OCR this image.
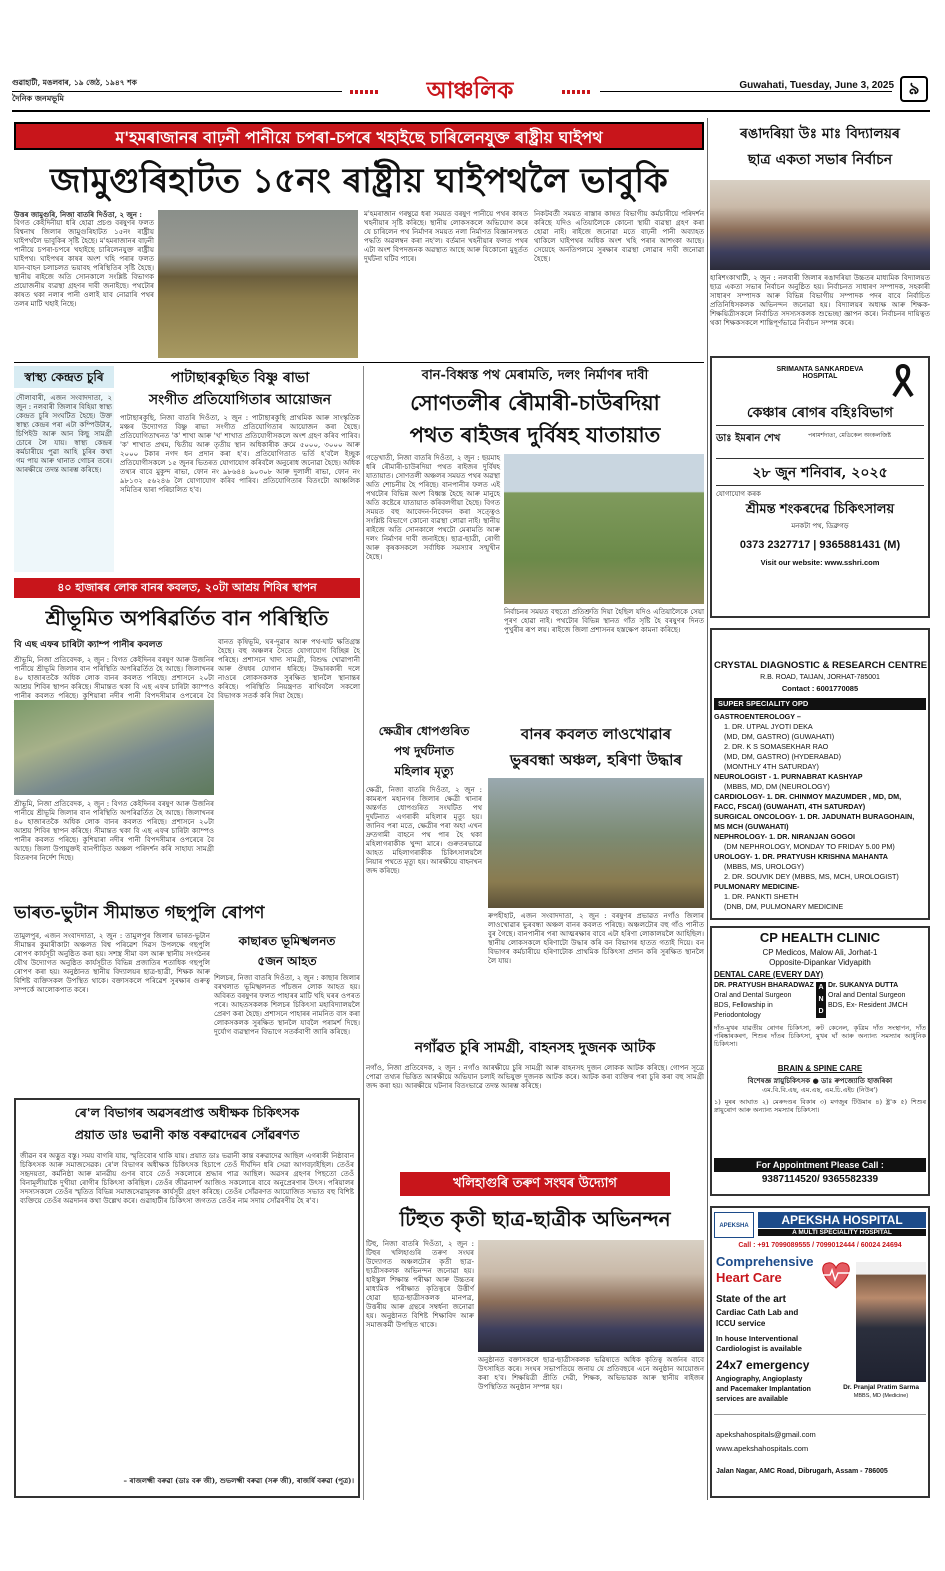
গুৱাহাটী, মঙলবাৰ, ১৯ জেঠ, ১৯৪৭ শক
দৈনিক জনমভূমি	আঞ্চলিক	Guwahati, Tuesday, June 3, 2025 ৯
ম'হমৰাজানৰ বাঢ়নী পানীয়ে চপৰা-চপৰে খহাইছে চাৰিলেনযুক্ত ৰাষ্ট্ৰীয় ঘাইপথ
জামুগুৰিহাটত ১৫নং ৰাষ্ট্ৰীয় ঘাইপথলৈ ভাবুকি
উত্তৰ জামুগুৰি, নিজা বাতৰি দিওঁতা, ২ জুন :
বিগত কেইদিনীয়া ধৰি হোৱা প্ৰচণ্ড বৰষুণৰ ফলত বিশ্বনাথ জিলাৰ জামুগুৰিহাটত ১৫নং ৰাষ্ট্ৰীয় ঘাইপথলৈ ভাবুকিৰ সৃষ্টি হৈছে। ম'হমৰাজানৰ বাঢ়নী পানীয়ে চপৰা-চপৰে খহাইছে চাৰিলেনযুক্ত ৰাষ্ট্ৰীয় ঘাইপথ। ঘাইপথৰ কাষৰ অংশ খহি পৰাৰ ফলত যান-বাহন চলাচলত ভয়াবহ পৰিস্থিতিৰ সৃষ্টি হৈছে। স্থানীয় ৰাইজে অতি সোনকালে সংশ্লিষ্ট বিভাগক প্ৰয়োজনীয় ব্যৱস্থা গ্ৰহণৰ দাবী জনাইছে। পথটোৰ কাষত থকা নলাৰ পানী ওলাই যাব নোৱাৰি পথৰ তলৰ মাটি খহাই নিছে।
ম'হমৰাজান গৰম্বুৱে ধৰা সময়ত বৰষুণ পানীয়ে পথৰ কাষত খহনীয়াৰ সৃষ্টি কৰিছে। স্থানীয় লোকসকলে অভিযোগ কৰে যে চাৰিলেন পথ নিৰ্মাণৰ সময়ত নলা নিৰ্মাণত বিজ্ঞানসন্মত পদ্ধতি অৱলম্বন কৰা নহ'ল। বৰ্তমান খহনীয়াৰ ফলত পথৰ এটা অংশ বিপদজনক অৱস্থাত আছে আৰু যিকোনো মুহূৰ্তত দুৰ্ঘটনা ঘটিব পাৰে।
নিকটবৰ্তী সময়ত ৰাস্তাৰ কাষত বিভাগীয় কৰ্মচাৰীয়ে পৰিদৰ্শন কৰিছে যদিও এতিয়ালৈকে কোনো স্থায়ী ব্যৱস্থা গ্ৰহণ কৰা হোৱা নাই। ৰাইজে জনোৱা মতে বাঢ়নী পানী অব্যাহত থাকিলে ঘাইপথৰ অধিক অংশ খহি পৰাৰ আশংকা আছে। সেয়েহে অনতিপলমে সুৰক্ষাৰ ব্যৱস্থা লোৱাৰ দাবী জনোৱা হৈছে।
স্বাস্থ্য কেন্দ্ৰত চুৰি
দৌলাবাৰী, এজন সংবাদদাতা, ২ জুন : নলবাৰী জিলাৰ বিহিয়া স্বাস্থ্য কেন্দ্ৰত চুৰি সংঘটিত হৈছে। উক্ত স্বাস্থ্য কেন্দ্ৰৰ পৰা এটা কম্পিউটাৰ, চিপিইউ আৰু আন কিছু সামগ্ৰী চোৰে লৈ যায়। স্বাস্থ্য কেন্দ্ৰৰ কৰ্মচাৰীয়ে পুৱা আহি চুৰিৰ কথা গম পায় আৰু থানাত গোচৰ তৰে। আৰক্ষীয়ে তদন্ত আৰম্ভ কৰিছে।
পাটাছাৰকুছিত বিষ্ণু ৰাভা
সংগীত প্ৰতিযোগিতাৰ আয়োজন
পাটাছাৰকুছি, নিজা বাতৰি দিওঁতা, ২ জুন : পাটাছাৰকুছি প্ৰাথমিক আৰু সাংস্কৃতিক মঞ্চৰ উদ্যোগত বিষ্ণু ৰাভা সংগীত প্ৰতিযোগিতাৰ আয়োজন কৰা হৈছে। প্ৰতিযোগিতাখনত 'ক' শাখা আৰু 'খ' শাখাত প্ৰতিযোগীসকলে অংশ গ্ৰহণ কৰিব পাৰিব। 'ক' শাখাত প্ৰথম, দ্বিতীয় আৰু তৃতীয় স্থান অধিকাৰীক ক্ৰমে ৫০০০, ৩০০০ আৰু ২০০০ টকাৰ নগদ ধন প্ৰদান কৰা হ'ব। প্ৰতিযোগিতাত ভৰ্তি হ'বলৈ ইচ্ছুক প্ৰতিযোগীসকলে ১৫ জুনৰ ভিতৰত যোগাযোগ কৰিবলৈ অনুৰোধ জনোৱা হৈছে। অধিক তথ্যৰ বাবে মুকুন্দ ৰাভা, ফোন নং ৯৮৬৪৪ ৯০৩০৮ আৰু দুলালী ৰাভা, ফোন নং ৯৮১৩২ ৫৬২৪৬ লৈ যোগাযোগ কৰিব পাৰিব। প্ৰতিযোগিতাৰ বিতংটো আঞ্চলিক সমিতিৰ দ্বাৰা পৰিচালিত হ'ব।
বান-বিধ্বস্ত পথ মেৰামতি, দলং নিৰ্মাণৰ দাবী
সোণতলীৰ ৰৌমাৰী-চাউৰদিয়া
পথত ৰাইজৰ দুৰ্বিষহ যাতায়াত
গড়েখাতী, নিজা বাতৰি দিওঁতা, ২ জুন : ছয়মাহ ধৰি ৰৌমাৰী-চাউৰদিয়া পথত ৰাইজৰ দুৰ্বিষহ যাতায়াত। সোণতলী অঞ্চলৰ সময়ত পথৰ অৱস্থা অতি শোচনীয় হৈ পৰিছে। বানপানীৰ ফলত এই পথটোৰ বিভিন্ন অংশ বিধ্বস্ত হৈছে আৰু মানুহে অতি কষ্টেৰে যাতায়াত কৰিবলগীয়া হৈছে। বিগত সময়ত বহু আবেদন-নিবেদন কৰা সত্ত্বেও সংশ্লিষ্ট বিভাগে কোনো ব্যৱস্থা লোৱা নাই। স্থানীয় ৰাইজে অতি সোনকালে পথটো মেৰামতি আৰু দলং নিৰ্মাণৰ দাবী জনাইছে। ছাত্ৰ-ছাত্ৰী, ৰোগী আৰু কৃষকসকলে সৰ্বাধিক সমস্যাৰ সন্মুখীন হৈছে।
নিৰ্বাচনৰ সময়ত বহুতো প্ৰতিশ্ৰুতি দিয়া হৈছিল যদিও এতিয়ালৈকে সেয়া পূৰণ হোৱা নাই। পথটোৰ বিভিন্ন স্থানত গাঁত সৃষ্টি হৈ বৰষুণৰ দিনত পুখুৰীৰ ৰূপ লয়। ৰাইজে জিলা প্ৰশাসনৰ হস্তক্ষেপ কামনা কৰিছে।
৪০ হাজাৰৰ লোক বানৰ কবলত, ২০টা আশ্ৰয় শিবিৰ স্থাপন
শ্ৰীভূমিত অপৰিৱৰ্তিত বান পৰিস্থিতি
বি এছ এফৰ চাৰিটা ক্যাম্প পানীৰ কবলত
শ্ৰীভূমি, নিজা প্ৰতিবেদক, ২ জুন : বিগত কেইদিনৰ বৰষুণ আৰু উজনিৰ পানীয়ে শ্ৰীভূমি জিলাৰ বান পৰিস্থিতি অপৰিৱৰ্তিত হৈ আছে। জিলাখনৰ ৪০ হাজাৰতকৈ অধিক লোক বানৰ কবলত পৰিছে। প্ৰশাসনে ২০টা আশ্ৰয় শিবিৰ স্থাপন কৰিছে। সীমান্তত থকা বি এছ এফৰ চাৰিটা ক্যাম্পও পানীৰ কবলত পৰিছে। কুশিয়াৰা নদীৰ পানী বিপদসীমাৰ ওপৰেৰে বৈ
বানত কৃষিভূমি, ঘৰ-দুৱাৰ আৰু পথ-ঘাট ক্ষতিগ্ৰস্ত হৈছে। বহু অঞ্চলৰ সৈতে যোগাযোগ বিচ্ছিন্ন হৈ পৰিছে। প্ৰশাসনে খাদ্য সামগ্ৰী, বিশুদ্ধ খোৱাপানী আৰু ঔষধৰ যোগান ধৰিছে। উদ্ধাৰকাৰী দলে নাওৰে লোকসকলক সুৰক্ষিত স্থানলৈ স্থানান্তৰ কৰিছে। পৰিস্থিতি নিয়ন্ত্ৰণত ৰাখিবলৈ সকলো বিভাগক সতৰ্ক কৰি দিয়া হৈছে।
শ্ৰীভূমি, নিজা প্ৰতিবেদক, ২ জুন : বিগত কেইদিনৰ বৰষুণ আৰু উজনিৰ পানীয়ে শ্ৰীভূমি জিলাৰ বান পৰিস্থিতি অপৰিৱৰ্তিত হৈ আছে। জিলাখনৰ ৪০ হাজাৰতকৈ অধিক লোক বানৰ কবলত পৰিছে। প্ৰশাসনে ২০টা আশ্ৰয় শিবিৰ স্থাপন কৰিছে। সীমান্তত থকা বি এছ এফৰ চাৰিটা ক্যাম্পও পানীৰ কবলত পৰিছে। কুশিয়াৰা নদীৰ পানী বিপদসীমাৰ ওপৰেৰে বৈ আছে। জিলা উপায়ুক্তই বানপীড়িত অঞ্চল পৰিদৰ্শন কৰি সাহায্য সামগ্ৰী বিতৰণৰ নিৰ্দেশ দিছে।
ক্ষেত্ৰীৰ ধোপগুৰিত
পথ দুৰ্ঘটনাত
মহিলাৰ মৃত্যু
ক্ষেত্ৰী, নিজা বাতৰি দিওঁতা, ২ জুন : কামৰূপ মহানগৰ জিলাৰ ক্ষেত্ৰী থানাৰ অন্তৰ্গত ধোপগুৰিত সংঘটিত পথ দুৰ্ঘটনাত এগৰাকী মহিলাৰ মৃত্যু হয়। জানিব পৰা মতে, ক্ষেত্ৰীৰ পৰা অহা এখন দ্ৰুতগামী বাহনে পথ পাৰ হৈ থকা মহিলাগৰাকীক খুন্দা মাৰে। গুৰুতৰভাৱে আহত মহিলাগৰাকীক চিকিৎসালয়লৈ নিয়াৰ পথতে মৃত্যু হয়। আৰক্ষীয়ে বাহনখন জব্দ কৰিছে।
বানৰ কবলত লাওখোৱাৰ
ভুৰবন্ধা অঞ্চল, হৰিণা উদ্ধাৰ
ৰুপহীহাট, এজন সংবাদদাতা, ২ জুন : বৰষুণৰ প্ৰভাৱত নগাঁও জিলাৰ লাওখোৱাৰ ভুৰবন্ধা অঞ্চল বানৰ কবলত পৰিছে। অঞ্চলটোৰ বহু গাঁও পানীত বুৰ গৈছে। বানপানীৰ পৰা আত্মৰক্ষাৰ বাবে এটা হৰিণা লোকালয়লৈ আহিছিল। স্থানীয় লোকসকলে হৰিণাটো উদ্ধাৰ কৰি বন বিভাগৰ হাতত গতাই দিয়ে। বন বিভাগৰ কৰ্মচাৰীয়ে হৰিণাটোক প্ৰাথমিক চিকিৎসা প্ৰদান কৰি সুৰক্ষিত স্থানলৈ লৈ যায়।
ভাৰত-ভুটান সীমান্তত গছপুলি ৰোপণ
তামুলপুৰ, এজন সংবাদদাতা, ২ জুন : তামুলপুৰ জিলাৰ ভাৰত-ভুটান সীমান্তৰ কুমাৰীকাটা অঞ্চলত বিশ্ব পৰিৱেশ দিৱস উপলক্ষে গছপুলি ৰোপণ কাৰ্যসূচী অনুষ্ঠিত কৰা হয়। সশস্ত্ৰ সীমা বল আৰু স্থানীয় সংগঠনৰ যৌথ উদ্যোগত অনুষ্ঠিত কাৰ্যসূচীত বিভিন্ন প্ৰজাতিৰ শতাধিক গছপুলি ৰোপণ কৰা হয়। অনুষ্ঠানত স্থানীয় বিদ্যালয়ৰ ছাত্ৰ-ছাত্ৰী, শিক্ষক আৰু বিশিষ্ট ব্যক্তিসকল উপস্থিত থাকে। বক্তাসকলে পৰিৱেশ সুৰক্ষাৰ গুৰুত্ব সম্পৰ্কে আলোকপাত কৰে।
কাছাৰত ভূমিস্খলনত
৫জন আহত
শিলচৰ, নিজা বাতৰি দিওঁতা, ২ জুন : কাছাৰ জিলাৰ বৰখলাত ভূমিস্খলনত পাঁচজন লোক আহত হয়। অবিৰত বৰষুণৰ ফলত পাহাৰৰ মাটি খহি ঘৰৰ ওপৰত পৰে। আহতসকলক শিলচৰ চিকিৎসা মহাবিদ্যালয়লৈ প্ৰেৰণ কৰা হৈছে। প্ৰশাসনে পাহাৰৰ নামনিত বাস কৰা লোকসকলক সুৰক্ষিত স্থানলৈ যাবলৈ পৰামৰ্শ দিছে। দুৰ্যোগ ব্যৱস্থাপন বিভাগে সতৰ্কবাণী জাৰি কৰিছে।
নগাঁৱত চুৰি সামগ্ৰী, বাহনসহ দুজনক আটক
নগাঁও, নিজা প্ৰতিবেদক, ২ জুন : নগাঁও আৰক্ষীয়ে চুৰি সামগ্ৰী আৰু বাহনসহ দুজন লোকক আটক কৰিছে। গোপন সূত্ৰে পোৱা তথ্যৰ ভিত্তিত আৰক্ষীয়ে অভিযান চলাই অভিযুক্ত দুজনক আটক কৰে। আটক কৰা ব্যক্তিৰ পৰা চুৰি কৰা বহু সামগ্ৰী জব্দ কৰা হয়। আৰক্ষীয়ে ঘটনাৰ বিতংভাৱে তদন্ত আৰম্ভ কৰিছে।
ৰে'ল বিভাগৰ অৱসৰপ্ৰাপ্ত অধীক্ষক চিকিৎসক
প্ৰয়াত ডাঃ ভৱানী কান্ত বৰুৱাদেৱৰ সোঁৱৰণত
জীৱন বৰ অদ্ভুত বস্তু। সময় বাগৰি যায়, স্মৃতিবোৰ থাকি যায়। প্ৰয়াত ডাঃ ভৱানী কান্ত বৰুৱাদেৱ আছিল এগৰাকী নিষ্ঠাবান চিকিৎসক আৰু সমাজসেৱক। ৰে'ল বিভাগৰ অধীক্ষক চিকিৎসক হিচাপে তেওঁ দীৰ্ঘদিন ধৰি সেৱা আগবঢ়াইছিল। তেওঁৰ সহৃদয়তা, কৰ্মনিষ্ঠা আৰু মানৱীয় গুণৰ বাবে তেওঁ সকলোৰে শ্ৰদ্ধাৰ পাত্ৰ আছিল। অৱসৰ গ্ৰহণৰ পিছতো তেওঁ বিনামূলীয়াকৈ দুখীয়া ৰোগীৰ চিকিৎসা কৰিছিল। তেওঁৰ জীৱনাদৰ্শ আজিও সকলোৰে বাবে অনুপ্ৰেৰণাৰ উৎস। পৰিয়ালৰ সদস্যসকলে তেওঁৰ স্মৃতিত বিভিন্ন সমাজসেৱামূলক কাৰ্যসূচী গ্ৰহণ কৰিছে। তেওঁৰ সোঁৱৰণত আয়োজিত সভাত বহু বিশিষ্ট ব্যক্তিয়ে তেওঁৰ অৱদানৰ কথা উল্লেখ কৰে। গুৱাহাটীৰ চিকিৎসা জগতত তেওঁৰ নাম সদায় সোঁৱৰণীয় হৈ ৰ'ব।
– ৰাজলক্ষ্মী বৰুৱা (ডাঃ বৰু জী), শুভলক্ষ্মী বৰুৱা (সৰু জী), ৰাজৰ্ষি বৰুৱা (পুত্ৰ)।
খলিহাগুৰি তৰুণ সংঘৰ উদ্যোগ
টিহুত কৃতী ছাত্ৰ-ছাত্ৰীক অভিনন্দন
টিহু, নিজা বাতৰি দিওঁতা, ২ জুন : টিহুৰ খলিহাগুৰি তৰুণ সংঘৰ উদ্যোগত অঞ্চলটোৰ কৃতী ছাত্ৰ-ছাত্ৰীসকলক অভিনন্দন জনোৱা হয়। হাইস্কুল শিক্ষান্ত পৰীক্ষা আৰু উচ্চতৰ মাধ্যমিক পৰীক্ষাত কৃতিত্বৰে উত্তীৰ্ণ হোৱা ছাত্ৰ-ছাত্ৰীসকলক মানপত্ৰ, উত্তৰীয় আৰু গ্ৰন্থৰে সম্বৰ্ধনা জনোৱা হয়। অনুষ্ঠানত বিশিষ্ট শিক্ষাবিদ আৰু সমাজকৰ্মী উপস্থিত থাকে।
অনুষ্ঠানত বক্তাসকলে ছাত্ৰ-ছাত্ৰীসকলক ভৱিষ্যতে অধিক কৃতিত্ব অৰ্জনৰ বাবে উৎসাহিত কৰে। সংঘৰ সভাপতিয়ে জনায় যে প্ৰতিবছৰে এনে অনুষ্ঠান আয়োজন কৰা হ'ব। শিক্ষয়িত্ৰী প্ৰীতি দেৱী, শিক্ষক, অভিভাৱক আৰু স্থানীয় ৰাইজৰ উপস্থিতিত অনুষ্ঠান সম্পন্ন হয়।
ৰঙাদৰিয়া উঃ মাঃ বিদ্যালয়ৰ
ছাত্ৰ একতা সভাৰ নিৰ্বাচন
হাৰিশংকাখাটী, ২ জুন : নলবাৰী জিলাৰ ৰঙাদৰিয়া উচ্চতৰ মাধ্যমিক বিদ্যালয়ত ছাত্ৰ একতা সভাৰ নিৰ্বাচন অনুষ্ঠিত হয়। নিৰ্বাচনত সাধাৰণ সম্পাদক, সহকাৰী সাধাৰণ সম্পাদক আৰু বিভিন্ন বিভাগীয় সম্পাদক পদৰ বাবে নিৰ্বাচিত প্ৰতিনিধিসকলক অভিনন্দন জনোৱা হয়। বিদ্যালয়ৰ অধ্যক্ষ আৰু শিক্ষক-শিক্ষয়িত্ৰীসকলে নিৰ্বাচিত সদস্যসকলক শুভেচ্ছা জ্ঞাপন কৰে। নিৰ্বাচনৰ দায়িত্বত থকা শিক্ষকসকলে শান্তিপূৰ্ণভাৱে নিৰ্বাচন সম্পন্ন কৰে।
SRIMANTA SANKARDEVA HOSPITAL
কেঞ্চাৰ ৰোগৰ বহিঃবিভাগ
ডাঃ ইমৰান শেখ	পৰামৰ্শদাতা, মেডিকেল অংকলজিষ্ট
২৮ জুন শনিবাৰ, ২০২৫
যোগাযোগ কৰক
শ্ৰীমন্ত শংকৰদেৱ চিকিৎসালয়
মনকটা পথ, ডিব্ৰুগড়
0373 2327717 | 9365881431 (M)
Visit our website: www.sshri.com
CRYSTAL DIAGNOSTIC & RESEARCH CENTRE
R.B. ROAD, TAIJAN, JORHAT-785001
Contact : 6001770085
SUPER SPECIALITY OPD
GASTROENTEROLOGY –
1. DR. UTPAL JYOTI DEKA
(MD, DM, GASTRO) (GUWAHATI)
2. DR. K S SOMASEKHAR RAO
(MD, DM, GASTRO) (HYDERABAD)
(MONTHLY 4TH SATURDAY)
NEUROLOGIST - 1. PURNABRAT KASHYAP
(MBBS, MD, DM (NEUROLOGY)
CARDIOLOGY- 1. DR. CHINMOY MAZUMDER , MD, DM,
FACC, FSCAI) (GUWAHATI, 4TH SATURDAY)
SURGICAL ONCOLOGY- 1. DR. JADUNATH BURAGOHAIN,
MS MCH (GUWAHATI)
NEPHROLOGY- 1. DR. NIRANJAN GOGOI
(DM NEPHROLOGY, MONDAY TO FRIDAY 5.00 PM)
UROLOGY- 1. DR. PRATYUSH KRISHNA MAHANTA
(MBBS, MS, UROLOGY)
2. DR. SOUVIK DEY (MBBS, MS, MCH, UROLOGIST)
PULMONARY MEDICINE-
1. DR. PANKTI SHETH
(DNB, DM, PULMONARY MEDICINE
CP HEALTH CLINIC
CP Medicos, Malow Ali, Jorhat-1
Opposite-Dipankar Vidyapith
DENTAL CARE (EVERY DAY)
DR. PRATYUSH BHARADWAZ
Oral and Dental Surgeon
BDS, Fellowship in
Periodontology
AND
Dr. SUKANYA DUTTA
Oral and Dental Surgeon
BDS, Ex- Resident JMCH
দাঁত-মুখৰ যাৱতীয় ৰোগৰ চিকিৎসা, ৰুট কেনেল, কৃত্ৰিম দাঁত সংস্থাপন, দাঁত পৰিষ্কাৰকৰণ, শিশুৰ দাঁতৰ চিকিৎসা, মুখৰ ঘাঁ আৰু অন্যান্য সমস্যাৰ আধুনিক চিকিৎসা।
BRAIN & SPINE CARE
বিশেষজ্ঞ স্নায়ুচিকিৎসক ● ডাঃ ৰুপজ্যোতি হাজৰিকা
এম.বি.বি.এছ, এম.এছ, এম.চি.এইচ (নিউৰ')
১) মূৰৰ আঘাত ২) মেৰুদণ্ডৰ বিকাৰ ৩) মগজুৰ টিউমাৰ ৪) ষ্ট্ৰ'ক ৫) শিশুৰ স্নায়ুৰোগ আৰু অন্যান্য সমস্যাৰ চিকিৎসা।
For Appointment Please Call :
9387114520/ 9365582339
APEKSHA	APEKSHA HOSPITAL
A MULTI SPECIALITY HOSPITAL
Call : +91 7099089555 / 7099012444 / 60024 24694
Comprehensive
Heart Care
State of the art
Cardiac Cath Lab and
ICCU service
In house Interventional
Cardiologist is available
24x7 emergency
Angiography, Angioplasty
and Pacemaker Implantation
services are available
Dr. Pranjal Pratim Sarma
MBBS, MD (Medicine)
apekshahospitals@gmail.com
www.apekshahospitals.com
Jalan Nagar, AMC Road, Dibrugarh, Assam - 786005
